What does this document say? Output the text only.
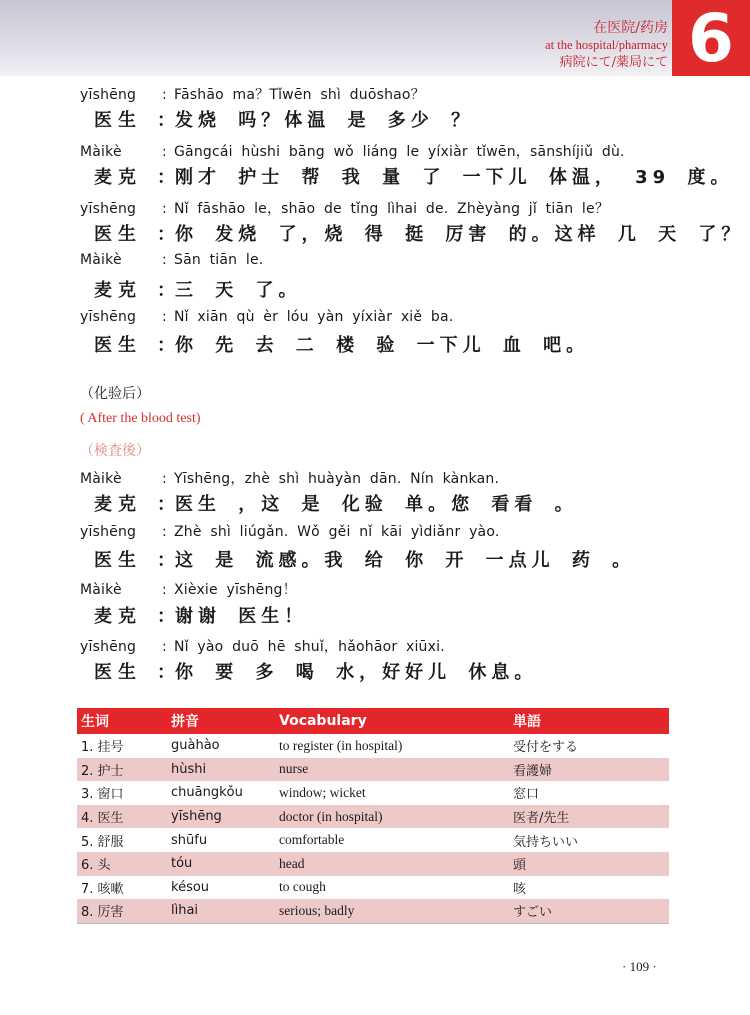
在医院/药房
at the hospital/pharmacy
病院にて/薬局にて 6
yīshēng : Fāshāo ma？Tǐwēn shì duōshao？
医生 ：发烧 吗？体温 是 多少 ？
Màikè	: Gāngcái hùshi bāng wǒ liáng le yíxiàr tǐwēn，sānshíjiǔ dù.
麦克 ：刚才 护士 帮 我 量 了 一下儿 体温， 39 度。
yīshēng : Nǐ fāshāo le，shāo de tǐng lìhai de. Zhèyàng jǐ tiān le？
医生 ：你 发烧 了，烧 得 挺 厉害 的。这样 几 天 了？
Màikè	: Sān tiān le.
麦克 ：三 天 了。
yīshēng : Nǐ xiān qù èr lóu yàn yíxiàr xiě ba.
医生 ：你 先 去 二 楼 验 一下儿 血 吧。
（化验后）
( After the blood test)
（検査後）
Màikè	: Yīshēng，zhè shì huàyàn dān. Nín kànkan.
麦克 ：医生 ，这 是 化验 单。您 看看 。
yīshēng : Zhè shì liúgǎn. Wǒ gěi nǐ kāi yìdiǎnr yào.
医生 ：这 是 流感。我 给 你 开 一点儿 药 。
Màikè	: Xièxie yīshēng！
麦克 ：谢谢 医生！
yīshēng : Nǐ yào duō hē shuǐ，hǎohāor xiūxi.
医生 ：你 要 多 喝 水，好好儿 休息。
生词	拼音	Vocabulary	単語
1. 挂号	guàhào	to register (in hospital)	受付をする
2. 护士	hùshi	nurse	看護婦
3. 窗口	chuāngkǒu	window; wicket	窓口
4. 医生	yīshēng	doctor (in hospital)	医者/先生
5. 舒服	shūfu	comfortable	気持ちいい
6. 头	tóu	head	頭
7. 咳嗽	késou	to cough	咳
8. 厉害	lìhai	serious; badly	すごい
· 109 ·
